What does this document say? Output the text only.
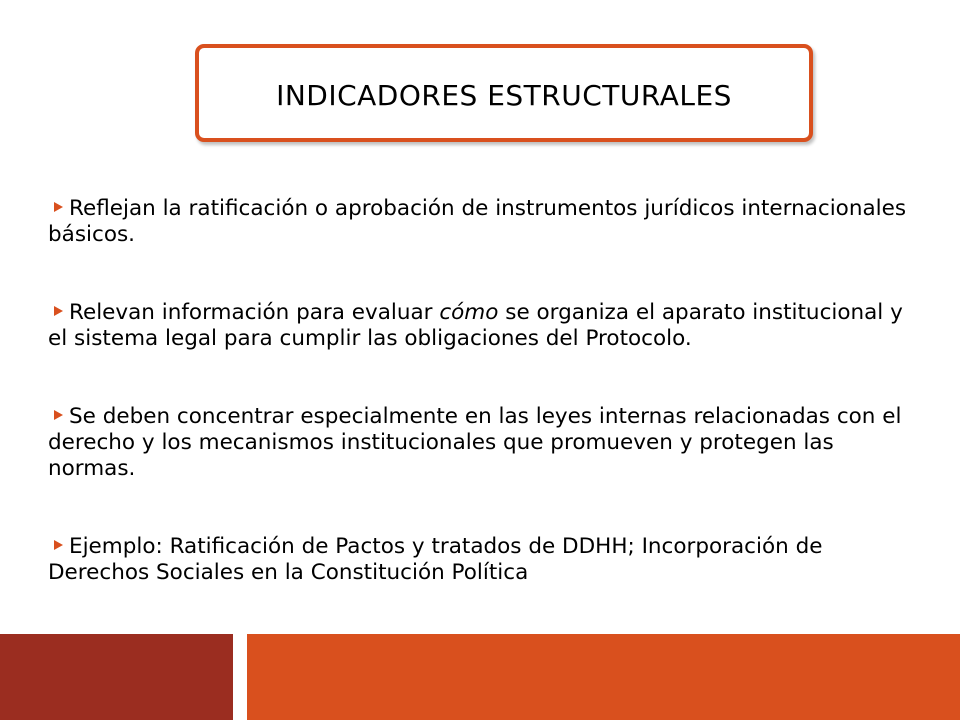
INDICADORES ESTRUCTURALES

Reflejan la ratificación o aprobación de instrumentos jurídicos internacionales básicos.

Relevan información para evaluar cómo se organiza el aparato institucional y el sistema legal para cumplir las obligaciones del Protocolo.

Se deben concentrar especialmente en las leyes internas relacionadas con el derecho y los mecanismos institucionales que promueven y protegen las normas.

Ejemplo: Ratificación de Pactos y tratados de DDHH; Incorporación de Derechos Sociales en la Constitución Política
